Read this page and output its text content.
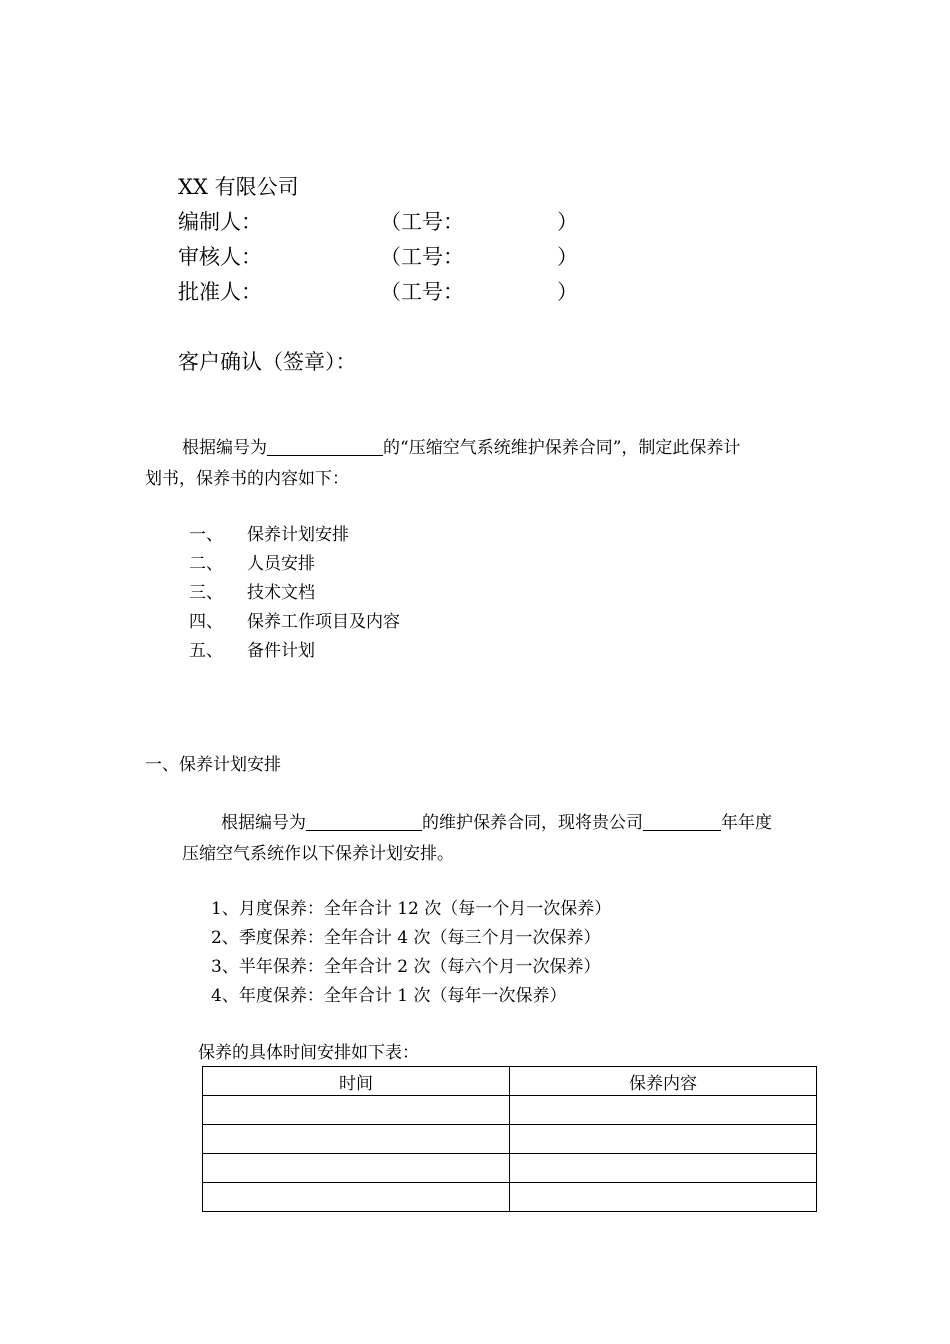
XX 有限公司
编制人：	（工号：	）
审核人：	（工号：	）
批准人：	（工号：	）
客户确认（签章）：
根据编号为	的“压缩空气系统维护保养合同”，制定此保养计
划书，保养书的内容如下：
一、 保养计划安排
二、 人员安排
三、 技术文档
四、 保养工作项目及内容
五、 备件计划
一、保养计划安排
根据编号为	的维护保养合同，现将贵公司	年年度
压缩空气系统作以下保养计划安排。
1、月度保养：全年合计 12 次（每一个月一次保养）
2、季度保养：全年合计 4 次（每三个月一次保养）
3、半年保养：全年合计 2 次（每六个月一次保养）
4、年度保养：全年合计 1 次（每年一次保养）
保养的具体时间安排如下表：
时间	保养内容
